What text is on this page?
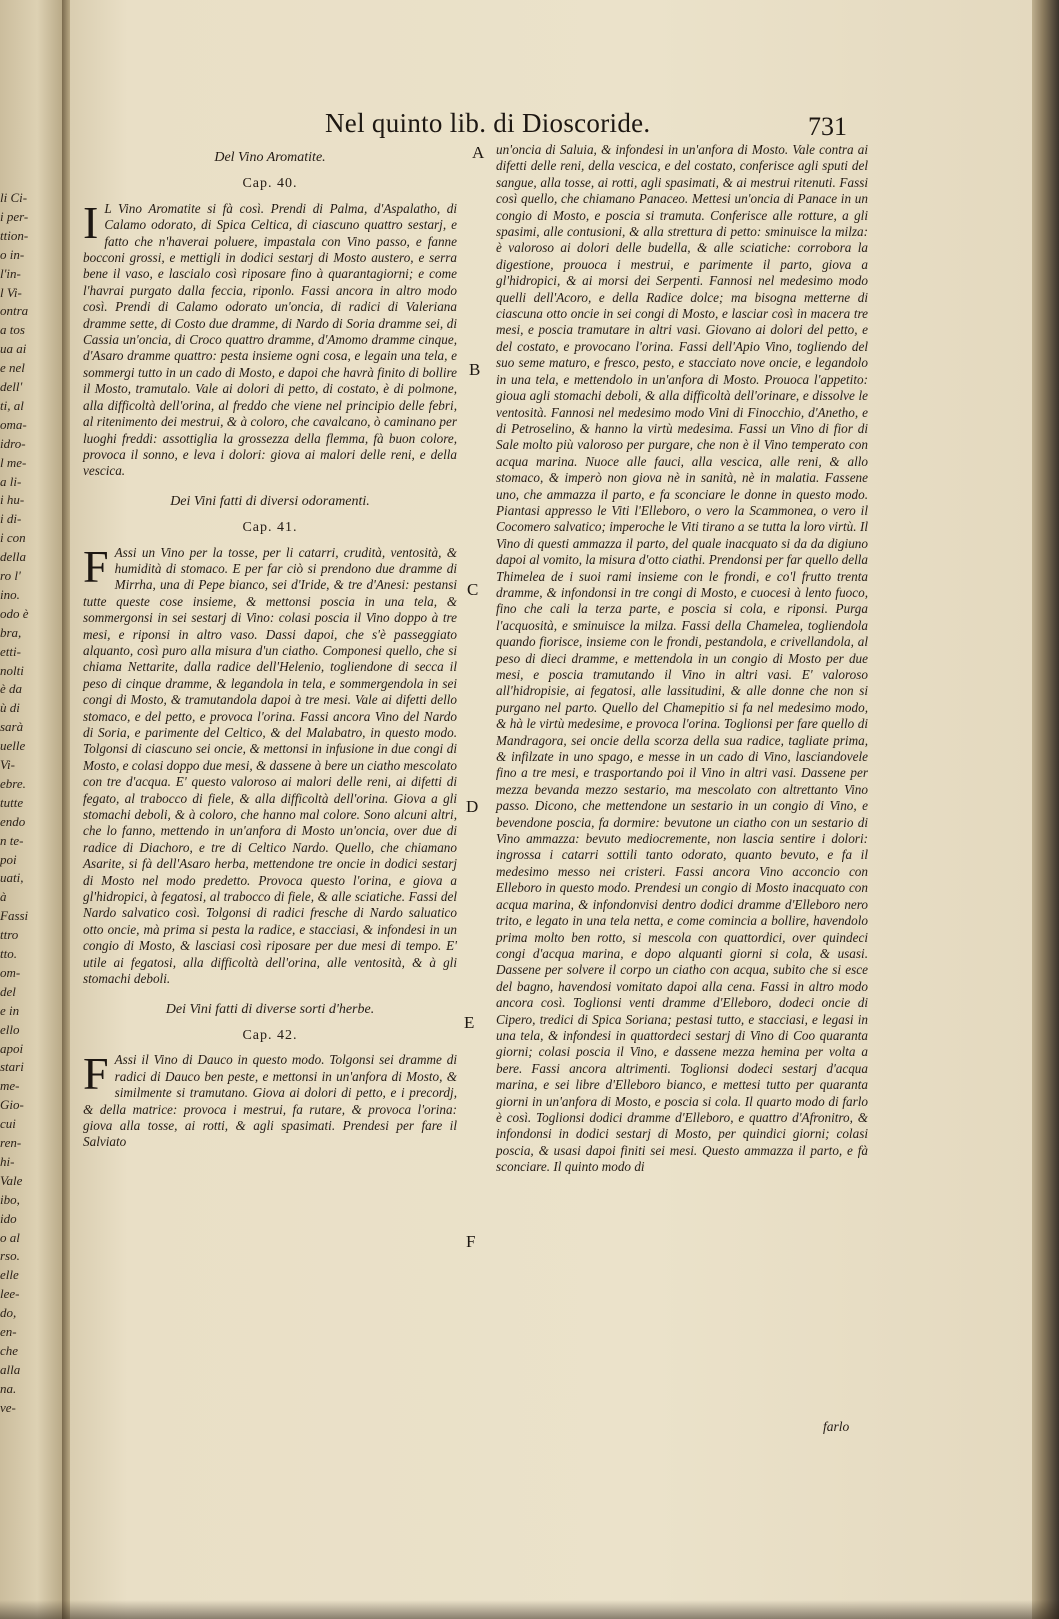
li Ci-
i per-
ttion-
o in-
l'in-
l Vi-
ontra
a tos
ua ai
e nel
dell'
ti, al
oma-
idro-
l me-
a li-
i hu-
i di-
i con
della
ro l'
ino.
odo è
bra,
etti-
nolti
è da
ù di
sarà
uelle
Vi-
ebre.
tutte
endo
n te-
poi
uati,
à
Fassi
ttro
tto.
om-
del
e in
ello
apoi
stari
me-
Gio-
cui
ren-
hi-
Vale
ibo,
ido
o al
rso.
elle
lee-
do,
en-
che
alla
na.
ve-
Nel quinto lib. di Dioscoride.	731

Del Vino Aromatite.

Cap. 40.

I L Vino Aromatite si fà così. Prendi di Palma, d'Aspalatho, di Calamo odorato, di Spica Celtica, di ciascuno quattro sestarj, e fatto che n'haverai poluere, impastala con Vino passo, e fanne bocconi grossi, e mettigli in dodici sestarj di Mosto austero, e serra bene il vaso, e lascialo così riposare fino à quarantagiorni; e come l'havrai purgato dalla feccia, riponlo. Fassi ancora in altro modo così. Prendi di Calamo odorato un'oncia, di radici di Valeriana dramme sette, di Costo due dramme, di Nardo di Soria dramme sei, di Cassia un'oncia, di Croco quattro dramme, d'Amomo dramme cinque, d'Asaro dramme quattro: pesta insieme ogni cosa, e legain una tela, e sommergi tutto in un cado di Mosto, e dapoi che havrà finito di bollire il Mosto, tramutalo. Vale ai dolori di petto, di costato, è di polmone, alla difficoltà dell'orina, al freddo che viene nel principio delle febri, al ritenimento dei mestrui, & à coloro, che cavalcano, ò caminano per luoghi freddi: assottiglia la grossezza della flemma, fà buon colore, provoca il sonno, e leva i dolori: giova ai malori delle reni, e della vescica.

Dei Vini fatti di diversi odoramenti.

Cap. 41.

F Assi un Vino per la tosse, per li catarri, crudità, ventosità, & humidità di stomaco. E per far ciò si prendono due dramme di Mirrha, una di Pepe bianco, sei d'Iride, & tre d'Anesi: pestansi tutte queste cose insieme, & mettonsi poscia in una tela, & sommergonsi in sei sestarj di Vino: colasi poscia il Vino doppo à tre mesi, e riponsi in altro vaso. Dassi dapoi, che s'è passeggiato alquanto, così puro alla misura d'un ciatho. Componesi quello, che si chiama Nettarite, dalla radice dell'Helenio, togliendone di secca il peso di cinque dramme, & legandola in tela, e sommergendola in sei congi di Mosto, & tramutandola dapoi à tre mesi. Vale ai difetti dello stomaco, e del petto, e provoca l'orina. Fassi ancora Vino del Nardo di Soria, e parimente del Celtico, & del Malabatro, in questo modo. Tolgonsi di ciascuno sei oncie, & mettonsi in infusione in due congi di Mosto, e colasi doppo due mesi, & dassene à bere un ciatho mescolato con tre d'acqua. E' questo valoroso ai malori delle reni, ai difetti di fegato, al trabocco di fiele, & alla difficoltà dell'orina. Giova a gli stomachi deboli, & à coloro, che hanno mal colore. Sono alcuni altri, che lo fanno, mettendo in un'anfora di Mosto un'oncia, over due di radice di Diachoro, e tre di Celtico Nardo. Quello, che chiamano Asarite, si fà dell'Asaro herba, mettendone tre oncie in dodici sestarj di Mosto nel modo predetto. Provoca questo l'orina, e giova a gl'hidropici, à fegatosi, al trabocco di fiele, & alle sciatiche. Fassi del Nardo salvatico così. Tolgonsi di radici fresche di Nardo saluatico otto oncie, mà prima si pesta la radice, e stacciasi, & infondesi in un congio di Mosto, & lasciasi così riposare per due mesi di tempo. E' utile ai fegatosi, alla difficoltà dell'orina, alle ventosità, & à gli stomachi deboli.

Dei Vini fatti di diverse sorti d'herbe.

Cap. 42.

F Assi il Vino di Dauco in questo modo. Tolgonsi sei dramme di radici di Dauco ben peste, e mettonsi in un'anfora di Mosto, & similmente si tramutano. Giova ai dolori di petto, e i precordj, & della matrice: provoca i mestrui, fa rutare, & provoca l'orina: giova alla tosse, ai rotti, & agli spasimati. Prendesi per fare il Salviato

un'oncia di Saluia, & infondesi in un'anfora di Mosto. Vale contra ai difetti delle reni, della vescica, e del costato, conferisce agli sputi del sangue, alla tosse, ai rotti, agli spasimati, & ai mestrui ritenuti. Fassi così quello, che chiamano Panaceo. Mettesi un'oncia di Panace in un congio di Mosto, e poscia si tramuta. Conferisce alle rotture, a gli spasimi, alle contusioni, & alla strettura di petto: sminuisce la milza: è valoroso ai dolori delle budella, & alle sciatiche: corrobora la digestione, prouoca i mestrui, e parimente il parto, giova a gl'hidropici, & ai morsi dei Serpenti. Fannosi nel medesimo modo quelli dell'Acoro, e della Radice dolce; ma bisogna metterne di ciascuna otto oncie in sei congi di Mosto, e lasciar così in macera tre mesi, e poscia tramutare in altri vasi. Giovano ai dolori del petto, e del costato, e provocano l'orina. Fassi dell'Apio Vino, togliendo del suo seme maturo, e fresco, pesto, e stacciato nove oncie, e legandolo in una tela, e mettendolo in un'anfora di Mosto. Prouoca l'appetito: gioua agli stomachi deboli, & alla difficoltà dell'orinare, e dissolve le ventosità. Fannosi nel medesimo modo Vini di Finocchio, d'Anetho, e di Petroselino, & hanno la virtù medesima. Fassi un Vino di fior di Sale molto più valoroso per purgare, che non è il Vino temperato con acqua marina. Nuoce alle fauci, alla vescica, alle reni, & allo stomaco, & imperò non giova nè in sanità, nè in malatia. Fassene uno, che ammazza il parto, e fa sconciare le donne in questo modo. Piantasi appresso le Viti l'Elleboro, o vero la Scammonea, o vero il Cocomero salvatico; imperoche le Viti tirano a se tutta la loro virtù. Il Vino di questi ammazza il parto, del quale inacquato si da da digiuno dapoi al vomito, la misura d'otto ciathi. Prendonsi per far quello della Thimelea de i suoi rami insieme con le frondi, e co'l frutto trenta dramme, & infondonsi in tre congi di Mosto, e cuocesi à lento fuoco, fino che cali la terza parte, e poscia si cola, e riponsi. Purga l'acquosità, e sminuisce la milza. Fassi della Chamelea, togliendola quando fiorisce, insieme con le frondi, pestandola, e crivellandola, al peso di dieci dramme, e mettendola in un congio di Mosto per due mesi, e poscia tramutando il Vino in altri vasi. E' valoroso all'hidropisie, ai fegatosi, alle lassitudini, & alle donne che non si purgano nel parto. Quello del Chamepitio si fa nel medesimo modo, & hà le virtù medesime, e provoca l'orina. Toglionsi per fare quello di Mandragora, sei oncie della scorza della sua radice, tagliate prima, & infilzate in uno spago, e messe in un cado di Vino, lasciandovele fino a tre mesi, e trasportando poi il Vino in altri vasi. Dassene per mezza bevanda mezzo sestario, ma mescolato con altrettanto Vino passo. Dicono, che mettendone un sestario in un congio di Vino, e bevendone poscia, fa dormire: bevutone un ciatho con un sestario di Vino ammazza: bevuto mediocremente, non lascia sentire i dolori: ingrossa i catarri sottili tanto odorato, quanto bevuto, e fa il medesimo messo nei cristeri. Fassi ancora Vino acconcio con Elleboro in questo modo. Prendesi un congio di Mosto inacquato con acqua marina, & infondonvisi dentro dodici dramme d'Elleboro nero trito, e legato in una tela netta, e come comincia a bollire, havendolo prima molto ben rotto, si mescola con quattordici, over quindeci congi d'acqua marina, e dopo alquanti giorni si cola, & usasi. Dassene per solvere il corpo un ciatho con acqua, subito che si esce del bagno, havendosi vomitato dapoi alla cena. Fassi in altro modo ancora così. Toglionsi venti dramme d'Elleboro, dodeci oncie di Cipero, tredici di Spica Soriana; pestasi tutto, e stacciasi, e legasi in una tela, & infondesi in quattordeci sestarj di Vino di Coo quaranta giorni; colasi poscia il Vino, e dassene mezza hemina per volta a bere. Fassi ancora altrimenti. Toglionsi dodeci sestarj d'acqua marina, e sei libre d'Elleboro bianco, e mettesi tutto per quaranta giorni in un'anfora di Mosto, e poscia si cola. Il quarto modo di farlo è così. Toglionsi dodici dramme d'Elleboro, e quattro d'Afronitro, & infondonsi in dodici sestarj di Mosto, per quindici giorni; colasi poscia, & usasi dapoi finiti sei mesi. Questo ammazza il parto, e fà sconciare. Il quinto modo di

farlo
A
B
C
D
E
F
